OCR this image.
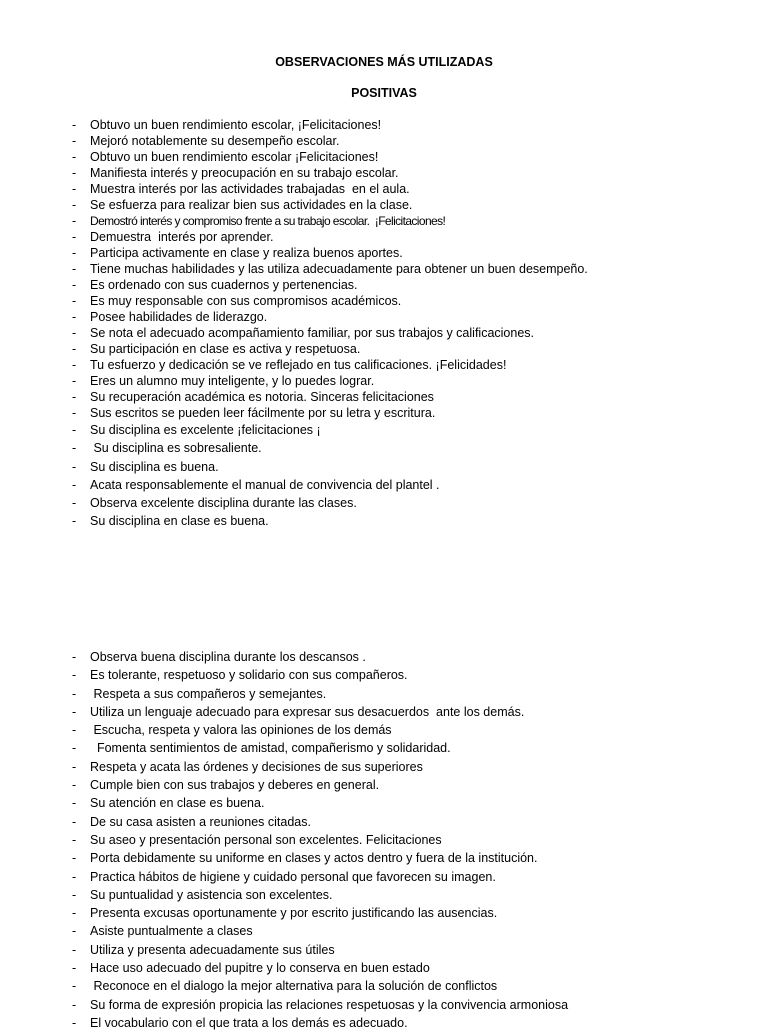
OBSERVACIONES MÁS UTILIZADAS
POSITIVAS
-	Obtuvo un buen rendimiento escolar, ¡Felicitaciones!
-	Mejoró notablemente su desempeño escolar.
-	Obtuvo un buen rendimiento escolar ¡Felicitaciones!
-	Manifiesta interés y preocupación en su trabajo escolar.
-	Muestra interés por las actividades trabajadas  en el aula.
-	Se esfuerza para realizar bien sus actividades en la clase.
-	Demostró interés y compromiso frente a su trabajo escolar.  ¡Felicitaciones!
-	Demuestra  interés por aprender.
-	Participa activamente en clase y realiza buenos aportes.
-	Tiene muchas habilidades y las utiliza adecuadamente para obtener un buen desempeño.
-	Es ordenado con sus cuadernos y pertenencias.
-	Es muy responsable con sus compromisos académicos.
-	Posee habilidades de liderazgo.
-	Se nota el adecuado acompañamiento familiar, por sus trabajos y calificaciones.
-	Su participación en clase es activa y respetuosa.
-	Tu esfuerzo y dedicación se ve reflejado en tus calificaciones. ¡Felicidades!
-	Eres un alumno muy inteligente, y lo puedes lograr.
-	Su recuperación académica es notoria. Sinceras felicitaciones
-	Sus escritos se pueden leer fácilmente por su letra y escritura.
-	Su disciplina es excelente ¡felicitaciones ¡
-	Su disciplina es sobresaliente.
-	Su disciplina es buena.
-	Acata responsablemente el manual de convivencia del plantel .
-	Observa excelente disciplina durante las clases.
-	Su disciplina en clase es buena.
-	Observa buena disciplina durante los descansos .
-	Es tolerante, respetuoso y solidario con sus compañeros.
-	Respeta a sus compañeros y semejantes.
-	Utiliza un lenguaje adecuado para expresar sus desacuerdos  ante los demás.
-	Escucha, respeta y valora las opiniones de los demás
-	Fomenta sentimientos de amistad, compañerismo y solidaridad.
-	Respeta y acata las órdenes y decisiones de sus superiores
-	Cumple bien con sus trabajos y deberes en general.
-	Su atención en clase es buena.
-	De su casa asisten a reuniones citadas.
-	Su aseo y presentación personal son excelentes. Felicitaciones
-	Porta debidamente su uniforme en clases y actos dentro y fuera de la institución.
-	Practica hábitos de higiene y cuidado personal que favorecen su imagen.
-	Su puntualidad y asistencia son excelentes.
-	Presenta excusas oportunamente y por escrito justificando las ausencias.
-	Asiste puntualmente a clases
-	Utiliza y presenta adecuadamente sus útiles
-	Hace uso adecuado del pupitre y lo conserva en buen estado
-	Reconoce en el dialogo la mejor alternativa para la solución de conflictos
-	Su forma de expresión propicia las relaciones respetuosas y la convivencia armoniosa
-	El vocabulario con el que trata a los demás es adecuado.
